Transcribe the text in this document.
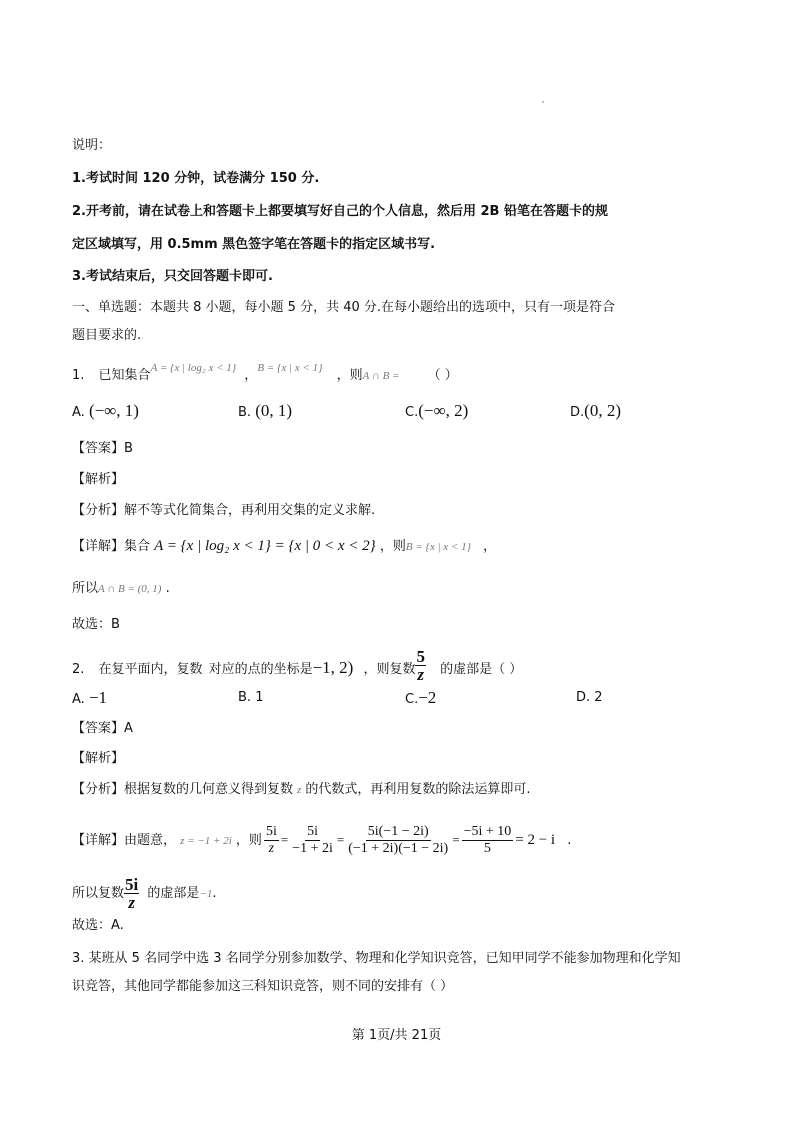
说明：
1.考试时间 120 分钟，试卷满分 150 分.
2.开考前，请在试卷上和答题卡上都要填写好自己的个人信息，然后用 2B 铅笔在答题卡的规
定区域填写，用 0.5mm 黑色签字笔在答题卡的指定区域书写.
3.考试结束后，只交回答题卡即可.
一、单选题：本题共 8 小题，每小题 5 分，共 40 分.在每小题给出的选项中，只有一项是符合
题目要求的.
1. 已知集合$^{A = \{x | log_2 x < 1\}}$ ，$^{B = \{x | x < 1\}}$ ，则A ∩ B = （ ）
A. (−∞, 1)	B. (0, 1)	C.(−∞, 2)	D.(0, 2)
【答案】B
【解析】
【分析】解不等式化简集合，再利用交集的定义求解.
【详解】集合 A = {x | log₂ x < 1} = {x | 0 < x < 2} ，则B = {x | x < 1} ，
所以A ∩ B = (0, 1) .
故选：B
2. 在复平面内，复数 对应的点的坐标是−1, 2) ，则复数 $\frac{5}{z}$ 的虚部是（ ）
A. −1	B. 1	C.−2	D. 2
【答案】A
【解析】
【分析】根据复数的几何意义得到复数 z 的代数式，再利用复数的除法运算即可.
【详解】由题意， z = −1 + 2i ，则 $\frac{5i}{z} = \frac{5i}{-1 + 2i} = \frac{5i(-1 - 2i)}{(-1 + 2i)(-1 - 2i)} = \frac{-5i + 10}{5} = 2 - i$ .
所以复数 $\frac{5i}{z}$ 的虚部是−1.
故选：A.
3. 某班从 5 名同学中选 3 名同学分别参加数学、物理和化学知识竞答，已知甲同学不能参加物理和化学知
识竞答，其他同学都能参加这三科知识竞答，则不同的安排有（ ）
第 1页/共 21页
